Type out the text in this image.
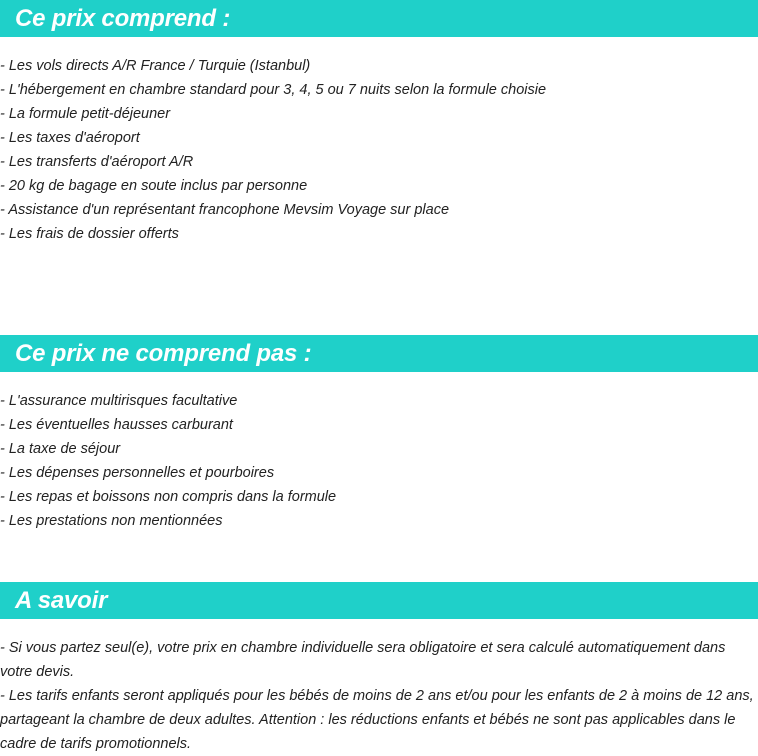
Ce prix comprend :
- Les vols directs A/R France / Turquie (Istanbul)
- L'hébergement en chambre standard pour 3, 4, 5 ou 7 nuits selon la formule choisie
- La formule petit-déjeuner
- Les taxes d'aéroport
- Les transferts d'aéroport A/R
- 20 kg de bagage en soute inclus par personne
- Assistance d'un représentant francophone Mevsim Voyage sur place
- Les frais de dossier offerts
Ce prix ne comprend pas :
- L'assurance multirisques facultative
- Les éventuelles hausses carburant
- La taxe de séjour
- Les dépenses personnelles et pourboires
- Les repas et boissons non compris dans la formule
- Les prestations non mentionnées
A savoir

- Si vous partez seul(e), votre prix en chambre individuelle sera obligatoire et sera calculé automatiquement dans votre devis.

- Les tarifs enfants seront appliqués pour les bébés de moins de 2 ans et/ou pour les enfants de 2 à moins de 12 ans, partageant la chambre de deux adultes. Attention : les réductions enfants et bébés ne sont pas applicables dans le cadre de tarifs promotionnels.
